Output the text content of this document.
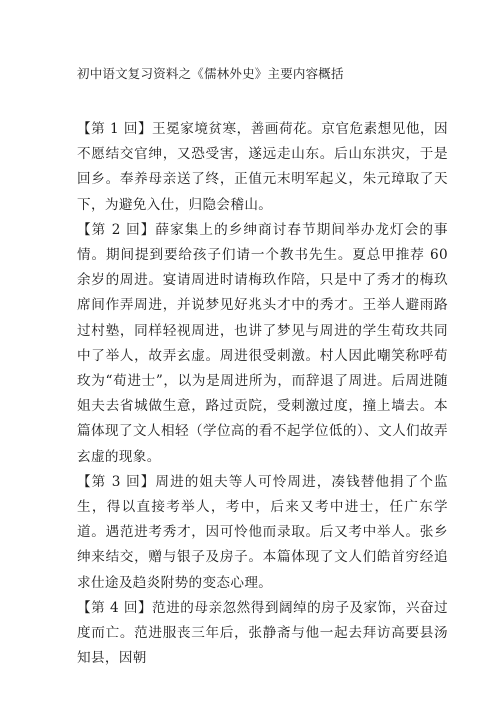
初中语文复习资料之《儒林外史》主要内容概括

【第 1 回】王冕家境贫寒，善画荷花。京官危素想见他，因不愿结交官绅，又恐受害，遂远走山东。后山东洪灾，于是回乡。奉养母亲送了终，正值元末明军起义，朱元璋取了天下，为避免入仕，归隐会稽山。

【第 2 回】薛家集上的乡绅商讨春节期间举办龙灯会的事情。期间提到要给孩子们请一个教书先生。夏总甲推荐 60 余岁的周进。宴请周进时请梅玖作陪，只是中了秀才的梅玖席间作弄周进，并说梦见好兆头才中的秀才。王举人避雨路过村塾，同样轻视周进，也讲了梦见与周进的学生荀玫共同中了举人，故弄玄虚。周进很受刺激。村人因此嘲笑称呼荀玫为“荀进士”，以为是周进所为，而辞退了周进。后周进随姐夫去省城做生意，路过贡院，受刺激过度，撞上墙去。本篇体现了文人相轻（学位高的看不起学位低的）、文人们故弄玄虚的现象。

【第 3 回】周进的姐夫等人可怜周进，凑钱替他捐了个监生，得以直接考举人，考中，后来又考中进士，任广东学道。遇范进考秀才，因可怜他而录取。后又考中举人。张乡绅来结交，赠与银子及房子。本篇体现了文人们皓首穷经追求仕途及趋炎附势的变态心理。

【第 4 回】范进的母亲忽然得到阔绰的房子及家饰，兴奋过度而亡。范进服丧三年后，张静斋与他一起去拜访高要县汤知县，因朝
